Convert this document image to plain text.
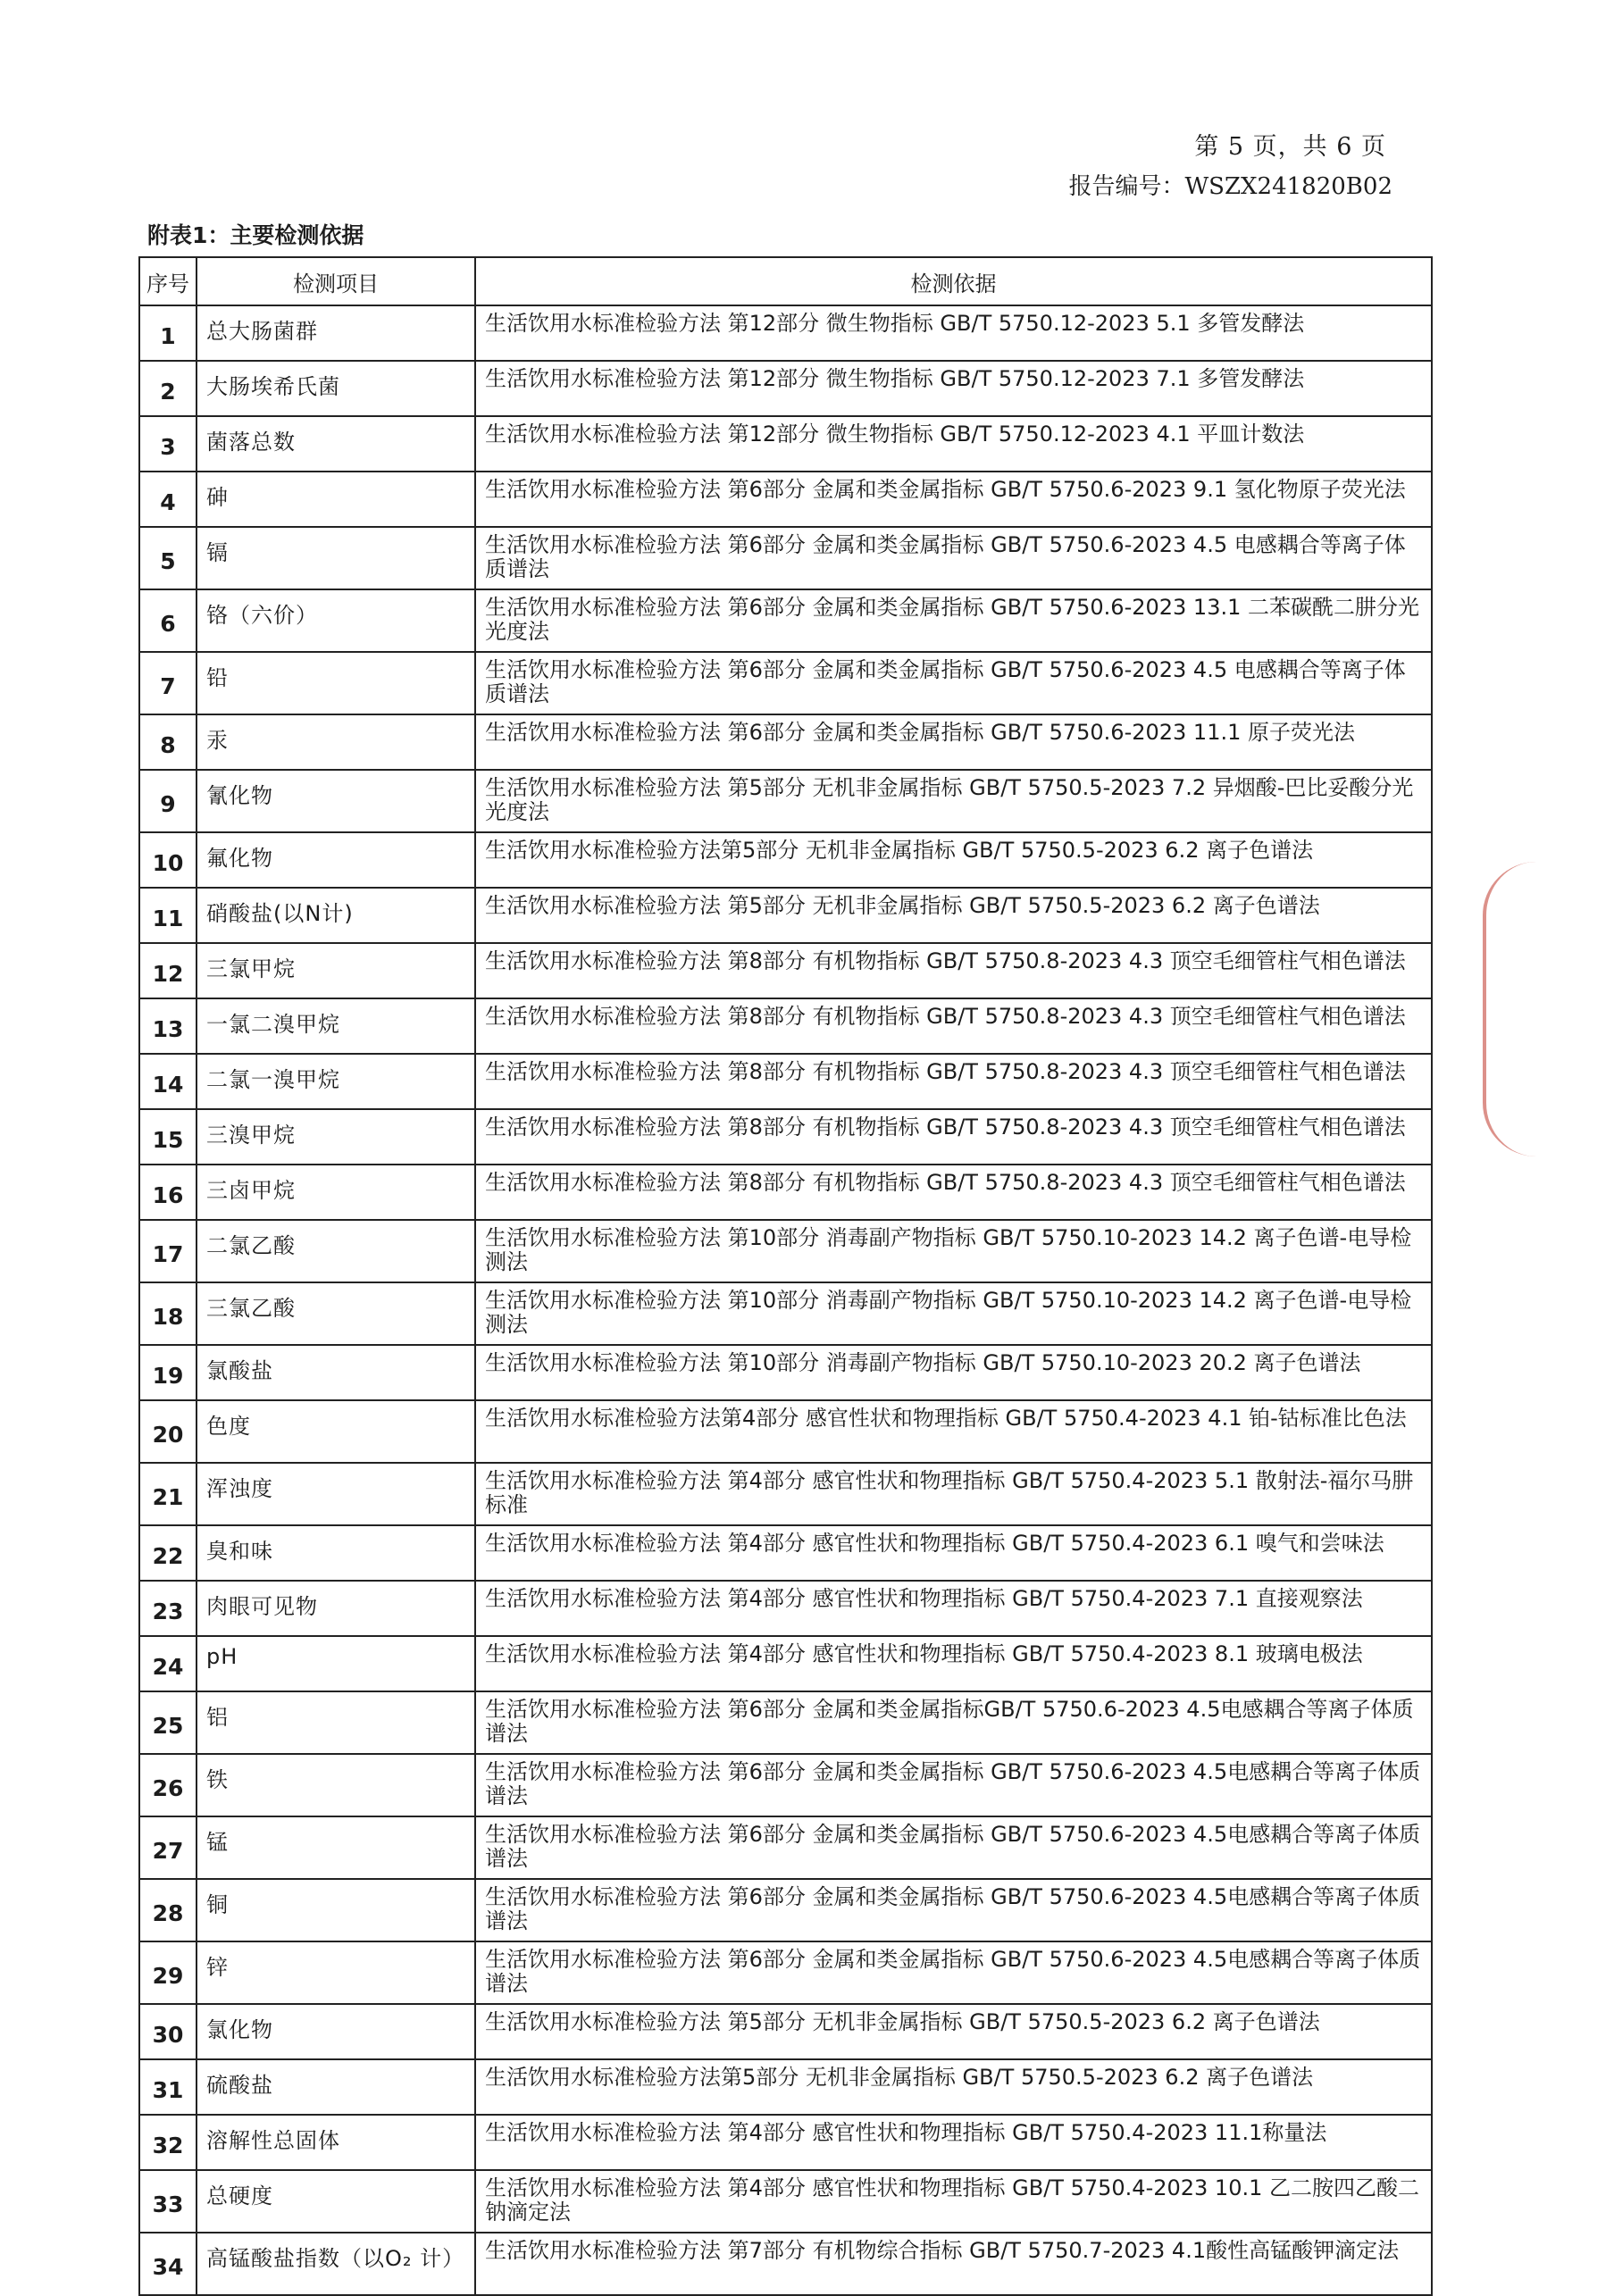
第 5 页，共 6 页
报告编号：WSZX241820B02
附表1：主要检测依据
序号	检测项目	检测依据
1	总大肠菌群	生活饮用水标准检验方法 第12部分 微生物指标 GB/T 5750.12-2023 5.1 多管发酵法
2	大肠埃希氏菌	生活饮用水标准检验方法 第12部分 微生物指标 GB/T 5750.12-2023 7.1 多管发酵法
3	菌落总数	生活饮用水标准检验方法 第12部分 微生物指标 GB/T 5750.12-2023 4.1 平皿计数法
4	砷	生活饮用水标准检验方法 第6部分 金属和类金属指标 GB/T 5750.6-2023 9.1 氢化物原子荧光法
5	镉	生活饮用水标准检验方法 第6部分 金属和类金属指标 GB/T 5750.6-2023 4.5 电感耦合等离子体质谱法
6	铬（六价）	生活饮用水标准检验方法 第6部分 金属和类金属指标 GB/T 5750.6-2023 13.1 二苯碳酰二肼分光光度法
7	铅	生活饮用水标准检验方法 第6部分 金属和类金属指标 GB/T 5750.6-2023 4.5 电感耦合等离子体质谱法
8	汞	生活饮用水标准检验方法 第6部分 金属和类金属指标 GB/T 5750.6-2023 11.1 原子荧光法
9	氰化物	生活饮用水标准检验方法 第5部分 无机非金属指标 GB/T 5750.5-2023 7.2 异烟酸-巴比妥酸分光光度法
10	氟化物	生活饮用水标准检验方法第5部分 无机非金属指标 GB/T 5750.5-2023 6.2 离子色谱法
11	硝酸盐(以N计)	生活饮用水标准检验方法 第5部分 无机非金属指标 GB/T 5750.5-2023 6.2 离子色谱法
12	三氯甲烷	生活饮用水标准检验方法 第8部分 有机物指标 GB/T 5750.8-2023 4.3 顶空毛细管柱气相色谱法
13	一氯二溴甲烷	生活饮用水标准检验方法 第8部分 有机物指标 GB/T 5750.8-2023 4.3 顶空毛细管柱气相色谱法
14	二氯一溴甲烷	生活饮用水标准检验方法 第8部分 有机物指标 GB/T 5750.8-2023 4.3 顶空毛细管柱气相色谱法
15	三溴甲烷	生活饮用水标准检验方法 第8部分 有机物指标 GB/T 5750.8-2023 4.3 顶空毛细管柱气相色谱法
16	三卤甲烷	生活饮用水标准检验方法 第8部分 有机物指标 GB/T 5750.8-2023 4.3 顶空毛细管柱气相色谱法
17	二氯乙酸	生活饮用水标准检验方法 第10部分 消毒副产物指标 GB/T 5750.10-2023 14.2 离子色谱-电导检测法
18	三氯乙酸	生活饮用水标准检验方法 第10部分 消毒副产物指标 GB/T 5750.10-2023 14.2 离子色谱-电导检测法
19	氯酸盐	生活饮用水标准检验方法 第10部分 消毒副产物指标 GB/T 5750.10-2023 20.2 离子色谱法
20	色度	生活饮用水标准检验方法第4部分 感官性状和物理指标 GB/T 5750.4-2023 4.1 铂-钴标准比色法
21	浑浊度	生活饮用水标准检验方法 第4部分 感官性状和物理指标 GB/T 5750.4-2023 5.1 散射法-福尔马肼标准
22	臭和味	生活饮用水标准检验方法 第4部分 感官性状和物理指标 GB/T 5750.4-2023 6.1 嗅气和尝味法
23	肉眼可见物	生活饮用水标准检验方法 第4部分 感官性状和物理指标 GB/T 5750.4-2023 7.1 直接观察法
24	pH	生活饮用水标准检验方法 第4部分 感官性状和物理指标 GB/T 5750.4-2023 8.1 玻璃电极法
25	铝	生活饮用水标准检验方法 第6部分 金属和类金属指标GB/T 5750.6-2023 4.5电感耦合等离子体质谱法
26	铁	生活饮用水标准检验方法 第6部分 金属和类金属指标 GB/T 5750.6-2023 4.5电感耦合等离子体质谱法
27	锰	生活饮用水标准检验方法 第6部分 金属和类金属指标 GB/T 5750.6-2023 4.5电感耦合等离子体质谱法
28	铜	生活饮用水标准检验方法 第6部分 金属和类金属指标 GB/T 5750.6-2023 4.5电感耦合等离子体质谱法
29	锌	生活饮用水标准检验方法 第6部分 金属和类金属指标 GB/T 5750.6-2023 4.5电感耦合等离子体质谱法
30	氯化物	生活饮用水标准检验方法 第5部分 无机非金属指标 GB/T 5750.5-2023 6.2 离子色谱法
31	硫酸盐	生活饮用水标准检验方法第5部分 无机非金属指标 GB/T 5750.5-2023 6.2 离子色谱法
32	溶解性总固体	生活饮用水标准检验方法 第4部分 感官性状和物理指标 GB/T 5750.4-2023 11.1称量法
33	总硬度	生活饮用水标准检验方法 第4部分 感官性状和物理指标 GB/T 5750.4-2023 10.1 乙二胺四乙酸二钠滴定法
34	高锰酸盐指数（以O₂ 计）	生活饮用水标准检验方法 第7部分 有机物综合指标 GB/T 5750.7-2023 4.1酸性高锰酸钾滴定法
